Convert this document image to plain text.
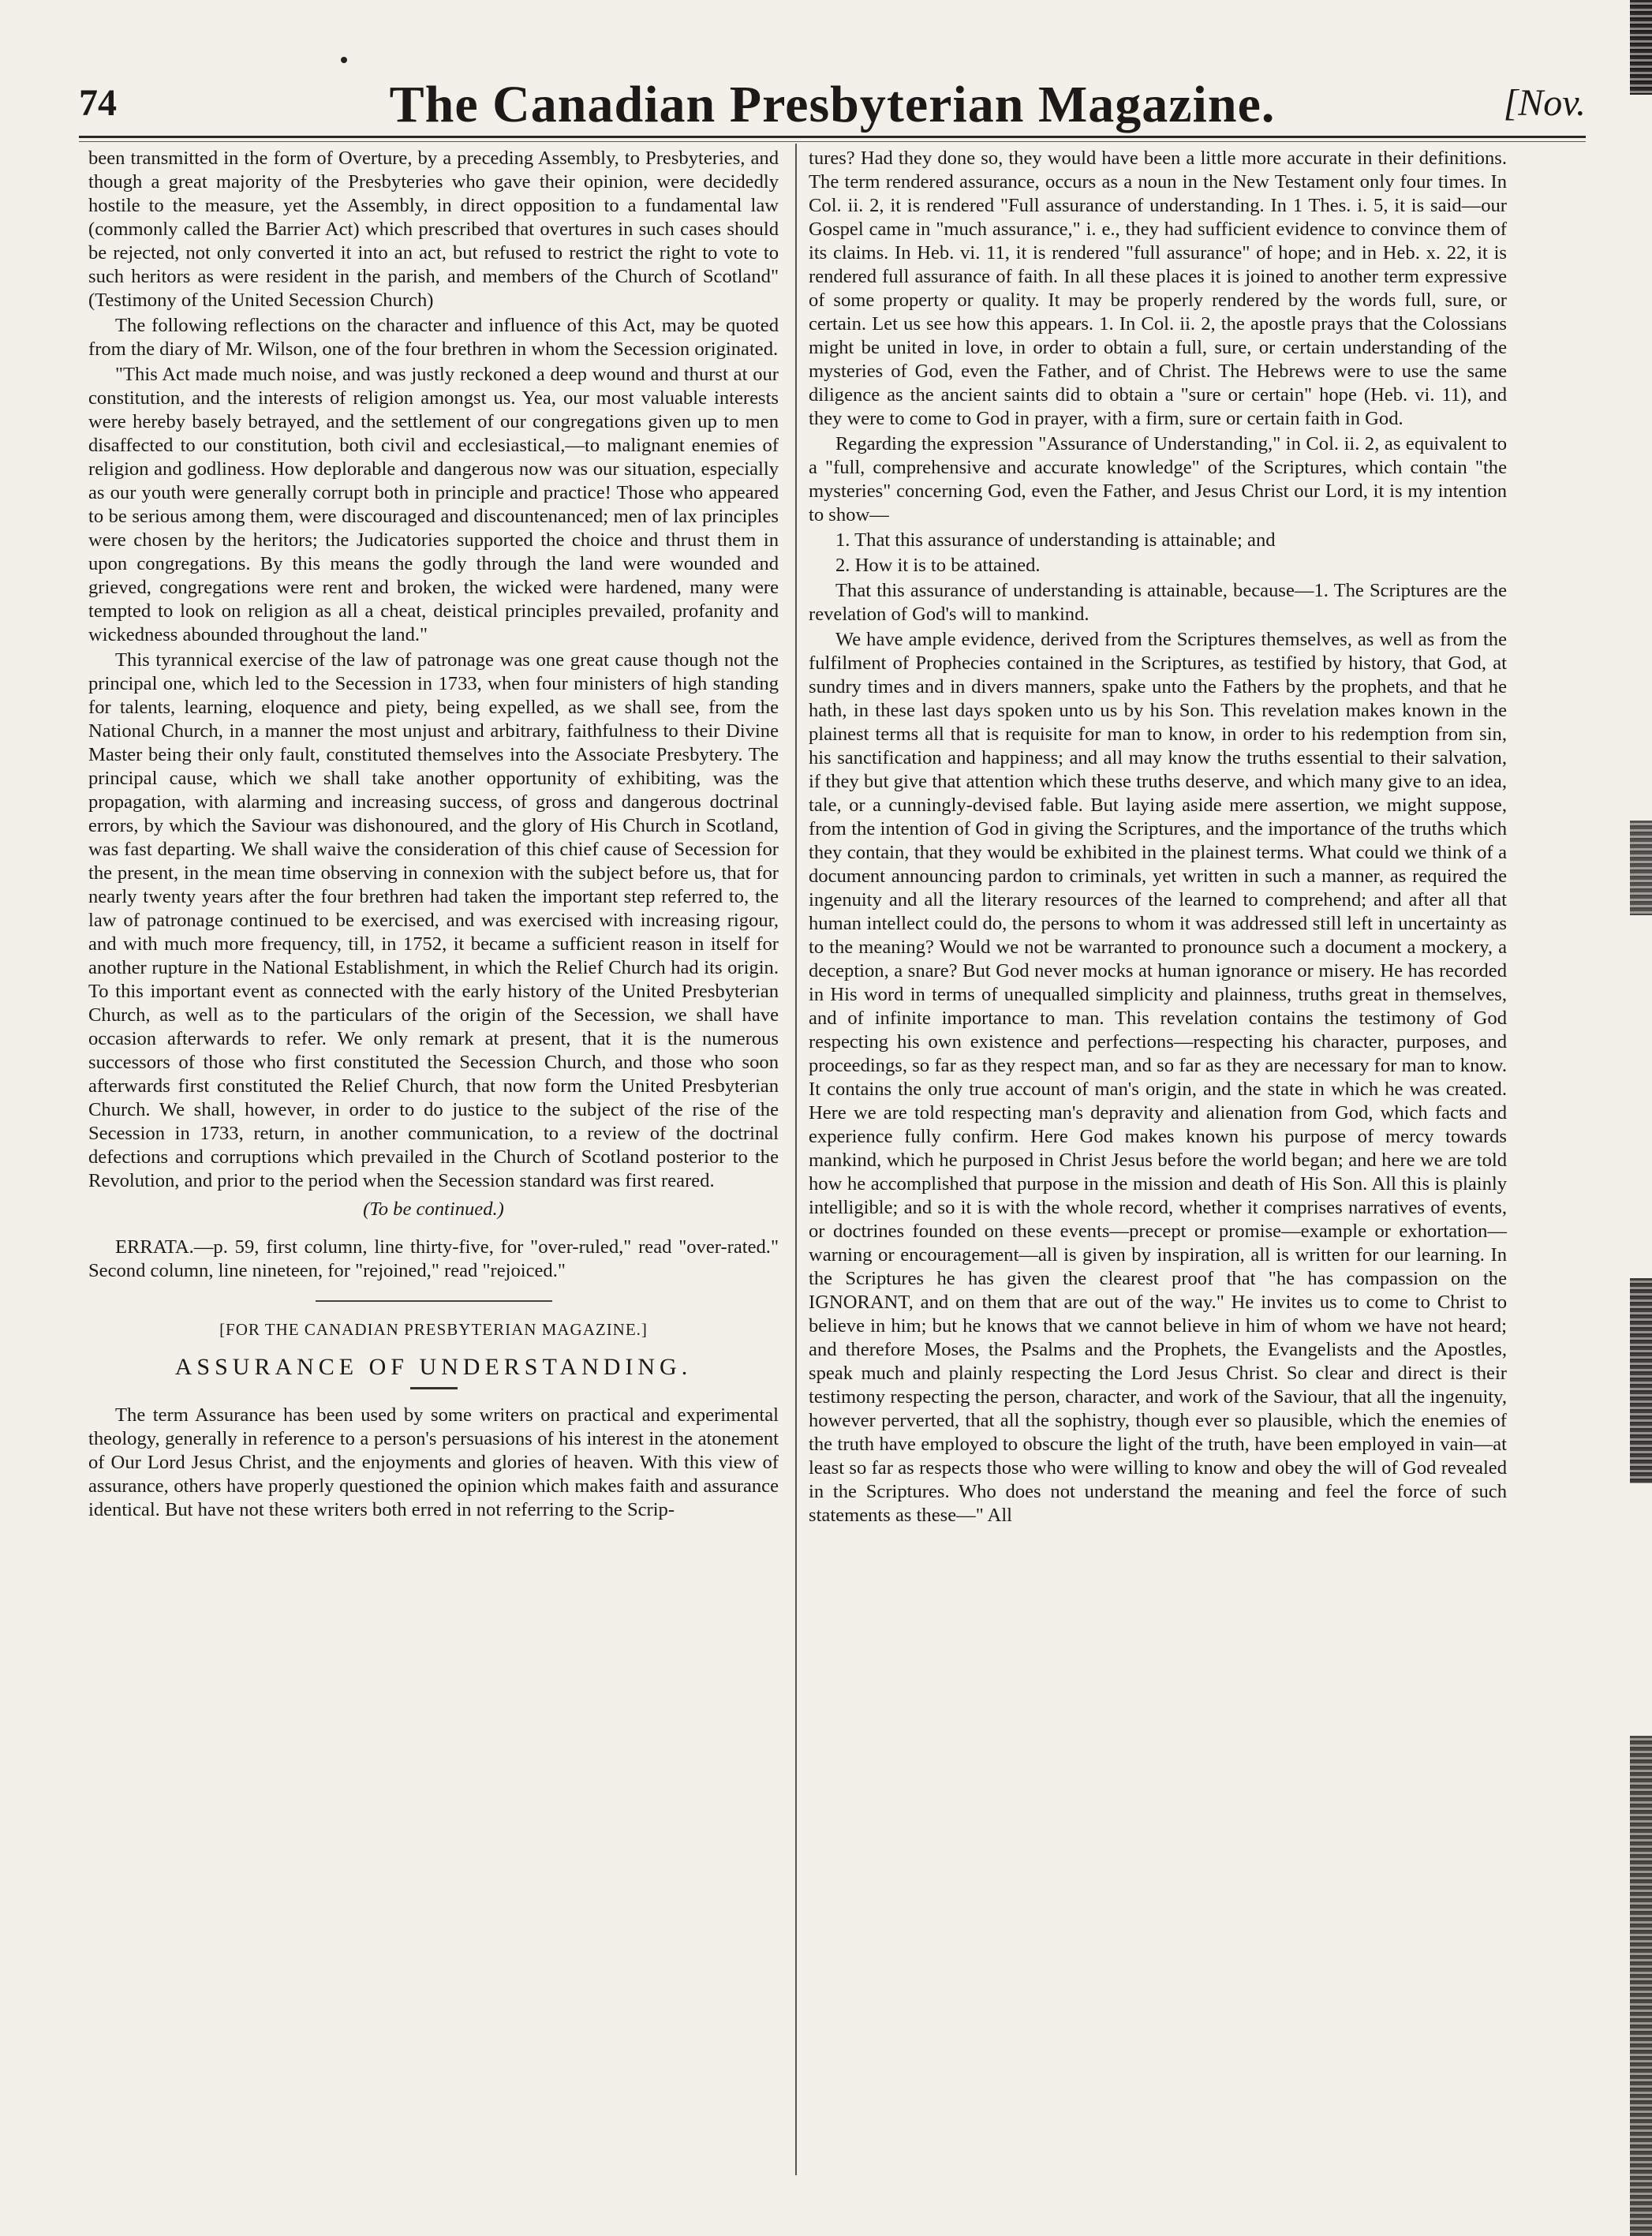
74	The Canadian Presbyterian Magazine.	[Nov.

been transmitted in the form of Overture, by a preceding Assembly, to Presbyteries, and though a great majority of the Presbyteries who gave their opinion, were decidedly hostile to the measure, yet the Assembly, in direct opposition to a fundamental law (commonly called the Barrier Act) which prescribed that overtures in such cases should be rejected, not only converted it into an act, but refused to restrict the right to vote to such heritors as were resident in the parish, and members of the Church of Scotland" (Testimony of the United Secession Church)

The following reflections on the character and influence of this Act, may be quoted from the diary of Mr. Wilson, one of the four brethren in whom the Secession originated.

"This Act made much noise, and was justly reckoned a deep wound and thurst at our constitution, and the interests of religion amongst us. Yea, our most valuable interests were hereby basely betrayed, and the settlement of our congregations given up to men disaffected to our constitution, both civil and ecclesiastical,—to malignant enemies of religion and godliness. How deplorable and dangerous now was our situation, especially as our youth were generally corrupt both in principle and practice! Those who appeared to be serious among them, were discouraged and discountenanced; men of lax principles were chosen by the heritors; the Judicatories supported the choice and thrust them in upon congregations. By this means the godly through the land were wounded and grieved, congregations were rent and broken, the wicked were hardened, many were tempted to look on religion as all a cheat, deistical principles prevailed, profanity and wickedness abounded throughout the land."

This tyrannical exercise of the law of patronage was one great cause though not the principal one, which led to the Secession in 1733, when four ministers of high standing for talents, learning, eloquence and piety, being expelled, as we shall see, from the National Church, in a manner the most unjust and arbitrary, faithfulness to their Divine Master being their only fault, constituted themselves into the Associate Presbytery. The principal cause, which we shall take another opportunity of exhibiting, was the propagation, with alarming and increasing success, of gross and dangerous doctrinal errors, by which the Saviour was dishonoured, and the glory of His Church in Scotland, was fast departing. We shall waive the consideration of this chief cause of Secession for the present, in the mean time observing in connexion with the subject before us, that for nearly twenty years after the four brethren had taken the important step referred to, the law of patronage continued to be exercised, and was exercised with increasing rigour, and with much more frequency, till, in 1752, it became a sufficient reason in itself for another rupture in the National Establishment, in which the Relief Church had its origin. To this important event as connected with the early history of the United Presbyterian Church, as well as to the particulars of the origin of the Secession, we shall have occasion afterwards to refer. We only remark at present, that it is the numerous successors of those who first constituted the Secession Church, and those who soon afterwards first constituted the Relief Church, that now form the United Presbyterian Church. We shall, however, in order to do justice to the subject of the rise of the Secession in 1733, return, in another communication, to a review of the doctrinal defections and corruptions which prevailed in the Church of Scotland posterior to the Revolution, and prior to the period when the Secession standard was first reared.

(To be continued.)

ERRATA.—p. 59, first column, line thirty-five, for "over-ruled," read "over-rated." Second column, line nineteen, for "rejoined," read "rejoiced."

[FOR THE CANADIAN PRESBYTERIAN MAGAZINE.]

ASSURANCE OF UNDERSTANDING.

The term Assurance has been used by some writers on practical and experimental theology, generally in reference to a person's persuasions of his interest in the atonement of Our Lord Jesus Christ, and the enjoyments and glories of heaven. With this view of assurance, others have properly questioned the opinion which makes faith and assurance identical. But have not these writers both erred in not referring to the Scrip-

tures? Had they done so, they would have been a little more accurate in their definitions. The term rendered assurance, occurs as a noun in the New Testament only four times. In Col. ii. 2, it is rendered "Full assurance of understanding. In 1 Thes. i. 5, it is said—our Gospel came in "much assurance," i. e., they had sufficient evidence to convince them of its claims. In Heb. vi. 11, it is rendered "full assurance" of hope; and in Heb. x. 22, it is rendered full assurance of faith. In all these places it is joined to another term expressive of some property or quality. It may be properly rendered by the words full, sure, or certain. Let us see how this appears. 1. In Col. ii. 2, the apostle prays that the Colossians might be united in love, in order to obtain a full, sure, or certain understanding of the mysteries of God, even the Father, and of Christ. The Hebrews were to use the same diligence as the ancient saints did to obtain a "sure or certain" hope (Heb. vi. 11), and they were to come to God in prayer, with a firm, sure or certain faith in God.

Regarding the expression "Assurance of Understanding," in Col. ii. 2, as equivalent to a "full, comprehensive and accurate knowledge" of the Scriptures, which contain "the mysteries" concerning God, even the Father, and Jesus Christ our Lord, it is my intention to show—

1. That this assurance of understanding is attainable; and

2. How it is to be attained.

That this assurance of understanding is attainable, because—1. The Scriptures are the revelation of God's will to mankind.

We have ample evidence, derived from the Scriptures themselves, as well as from the fulfilment of Prophecies contained in the Scriptures, as testified by history, that God, at sundry times and in divers manners, spake unto the Fathers by the prophets, and that he hath, in these last days spoken unto us by his Son. This revelation makes known in the plainest terms all that is requisite for man to know, in order to his redemption from sin, his sanctification and happiness; and all may know the truths essential to their salvation, if they but give that attention which these truths deserve, and which many give to an idea, tale, or a cunningly-devised fable. But laying aside mere assertion, we might suppose, from the intention of God in giving the Scriptures, and the importance of the truths which they contain, that they would be exhibited in the plainest terms. What could we think of a document announcing pardon to criminals, yet written in such a manner, as required the ingenuity and all the literary resources of the learned to comprehend; and after all that human intellect could do, the persons to whom it was addressed still left in uncertainty as to the meaning? Would we not be warranted to pronounce such a document a mockery, a deception, a snare? But God never mocks at human ignorance or misery. He has recorded in His word in terms of unequalled simplicity and plainness, truths great in themselves, and of infinite importance to man. This revelation contains the testimony of God respecting his own existence and perfections—respecting his character, purposes, and proceedings, so far as they respect man, and so far as they are necessary for man to know. It contains the only true account of man's origin, and the state in which he was created. Here we are told respecting man's depravity and alienation from God, which facts and experience fully confirm. Here God makes known his purpose of mercy towards mankind, which he purposed in Christ Jesus before the world began; and here we are told how he accomplished that purpose in the mission and death of His Son. All this is plainly intelligible; and so it is with the whole record, whether it comprises narratives of events, or doctrines founded on these events—precept or promise—example or exhortation—warning or encouragement—all is given by inspiration, all is written for our learning. In the Scriptures he has given the clearest proof that "he has compassion on the IGNORANT, and on them that are out of the way." He invites us to come to Christ to believe in him; but he knows that we cannot believe in him of whom we have not heard; and therefore Moses, the Psalms and the Prophets, the Evangelists and the Apostles, speak much and plainly respecting the Lord Jesus Christ. So clear and direct is their testimony respecting the person, character, and work of the Saviour, that all the ingenuity, however perverted, that all the sophistry, though ever so plausible, which the enemies of the truth have employed to obscure the light of the truth, have been employed in vain—at least so far as respects those who were willing to know and obey the will of God revealed in the Scriptures. Who does not understand the meaning and feel the force of such statements as these—" All
